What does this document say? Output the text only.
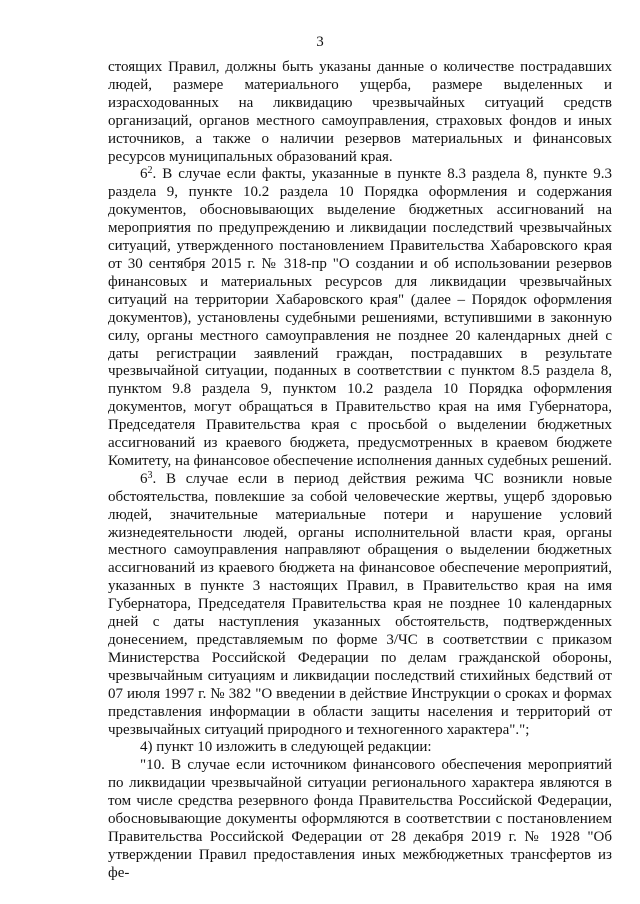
3

стоящих Правил, должны быть указаны данные о количестве пострадавших людей, размере материального ущерба, размере выделенных и израсходованных на ликвидацию чрезвычайных ситуаций средств организаций, органов местного самоуправления, страховых фондов и иных источников, а также о наличии резервов материальных и финансовых ресурсов муниципальных образований края.

$6^2$. В случае если факты, указанные в пункте 8.3 раздела 8, пункте 9.3 раздела 9, пункте 10.2 раздела 10 Порядка оформления и содержания документов, обосновывающих выделение бюджетных ассигнований на мероприятия по предупреждению и ликвидации последствий чрезвычайных ситуаций, утвержденного постановлением Правительства Хабаровского края от 30 сентября 2015 г. № 318-пр "О создании и об использовании резервов финансовых и материальных ресурсов для ликвидации чрезвычайных ситуаций на территории Хабаровского края" (далее – Порядок оформления документов), установлены судебными решениями, вступившими в законную силу, органы местного самоуправления не позднее 20 календарных дней с даты регистрации заявлений граждан, пострадавших в результате чрезвычайной ситуации, поданных в соответствии с пунктом 8.5 раздела 8, пунктом 9.8 раздела 9, пунктом 10.2 раздела 10 Порядка оформления документов, могут обращаться в Правительство края на имя Губернатора, Председателя Правительства края с просьбой о выделении бюджетных ассигнований из краевого бюджета, предусмотренных в краевом бюджете Комитету, на финансовое обеспечение исполнения данных судебных решений.

$6^3$. В случае если в период действия режима ЧС возникли новые обстоятельства, повлекшие за собой человеческие жертвы, ущерб здоровью людей, значительные материальные потери и нарушение условий жизнедеятельности людей, органы исполнительной власти края, органы местного самоуправления направляют обращения о выделении бюджетных ассигнований из краевого бюджета на финансовое обеспечение мероприятий, указанных в пункте 3 настоящих Правил, в Правительство края на имя Губернатора, Председателя Правительства края не позднее 10 календарных дней с даты наступления указанных обстоятельств, подтвержденных донесением, представляемым по форме 3/ЧС в соответствии с приказом Министерства Российской Федерации по делам гражданской обороны, чрезвычайным ситуациям и ликвидации последствий стихийных бедствий от 07 июля 1997 г. № 382 "О введении в действие Инструкции о сроках и формах представления информации в области защиты населения и территорий от чрезвычайных ситуаций природного и техногенного характера".";

4) пункт 10 изложить в следующей редакции:

"10. В случае если источником финансового обеспечения мероприятий по ликвидации чрезвычайной ситуации регионального характера являются в том числе средства резервного фонда Правительства Российской Федерации, обосновывающие документы оформляются в соответствии с постановлением Правительства Российской Федерации от 28 декабря 2019 г. № 1928 "Об утверждении Правил предоставления иных межбюджетных трансфертов из фе-
